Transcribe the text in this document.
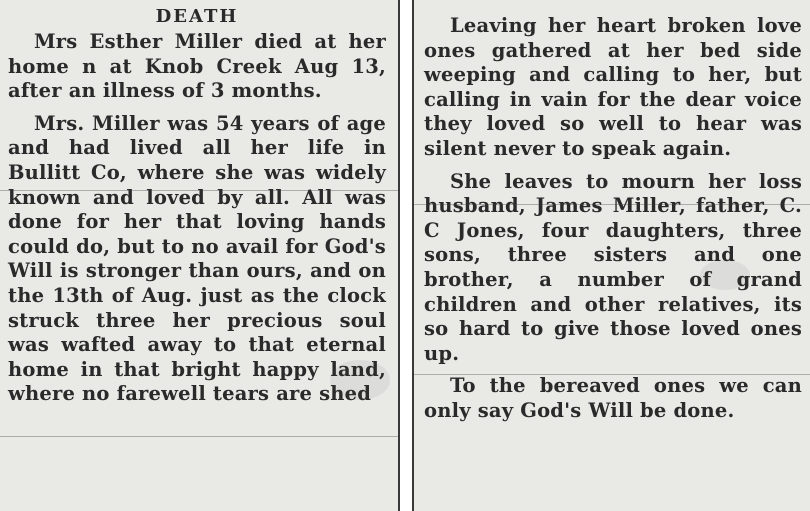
DEATH

Mrs Esther Miller died at her home n at Knob Creek Aug 13, after an illness of 3 months.

Mrs. Miller was 54 years of age and had lived all her life in Bullitt Co, where she was widely known and loved by all. All was done for her that loving hands could do, but to no avail for God's Will is stronger than ours, and on the 13th of Aug. just as the clock struck three her precious soul was wafted away to that eternal home in that bright happy land, where no farewell tears are shed

Leaving her heart broken love ones gathered at her bed side weeping and calling to her, but calling in vain for the dear voice they loved so well to hear was silent never to speak again.

She leaves to mourn her loss husband, James Miller, father, C. C Jones, four daughters, three sons, three sisters and one brother, a number of grand children and other relatives, its so hard to give those loved ones up.

To the bereaved ones we can only say God's Will be done.
